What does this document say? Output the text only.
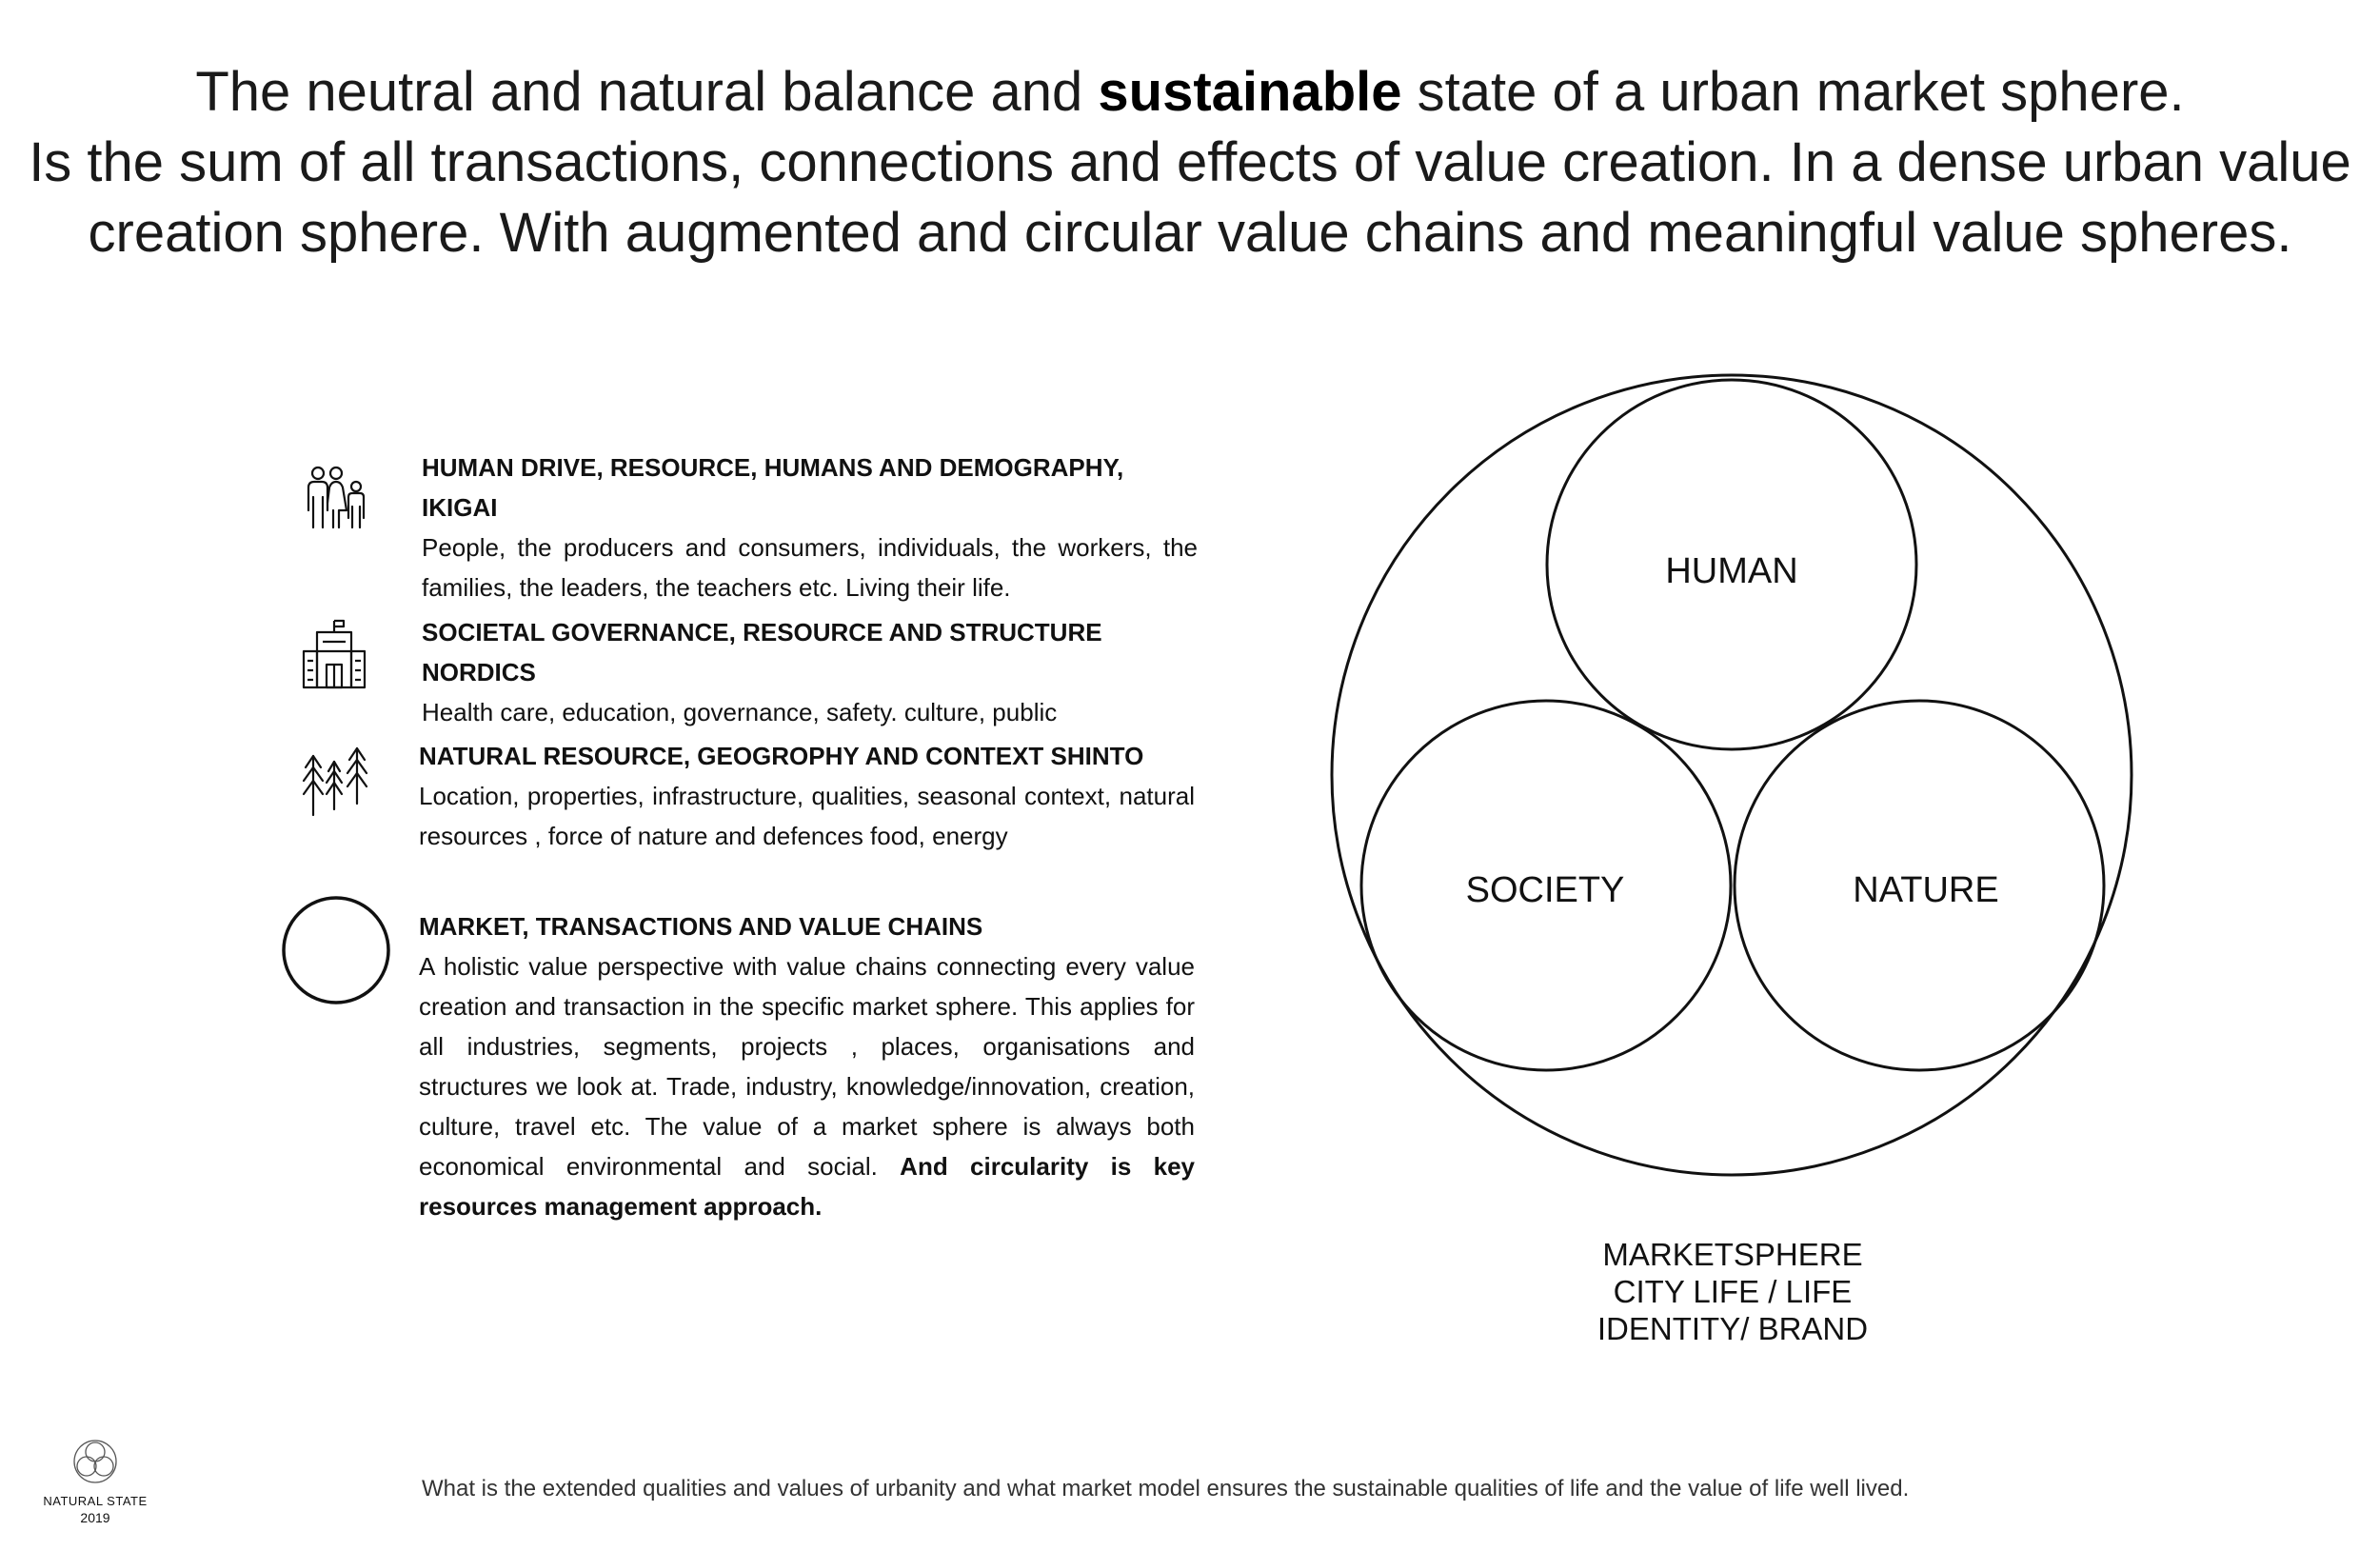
The neutral and natural balance and sustainable state of a urban market sphere.
Is the sum of all transactions, connections and effects of value creation. In a dense urban value
creation sphere. With augmented and circular value chains and meaningful value spheres.
HUMAN DRIVE, RESOURCE, HUMANS AND DEMOGRAPHY, IKIGAI
People, the producers and consumers, individuals, the workers, the families, the leaders, the teachers etc. Living their life.
SOCIETAL GOVERNANCE, RESOURCE AND STRUCTURE NORDICS
Health care, education, governance, safety. culture, public
NATURAL RESOURCE, GEOGROPHY AND CONTEXT SHINTO
Location, properties, infrastructure, qualities, seasonal context, natural resources , force of nature and defences food, energy
MARKET, TRANSACTIONS AND VALUE CHAINS
A holistic value perspective with value chains connecting every value creation and transaction in the specific market sphere. This applies for all industries, segments, projects , places, organisations and structures we look at. Trade, industry, knowledge/innovation, creation, culture, travel etc. The value of a market sphere is always both economical environmental and social. And circularity is key resources management approach.
HUMAN
SOCIETY	NATURE
MARKETSPHERE
CITY LIFE / LIFE
IDENTITY/ BRAND
NATURAL STATE
2019
What is the extended qualities and values of urbanity and what market model ensures the sustainable qualities of life and the value of life well lived.
